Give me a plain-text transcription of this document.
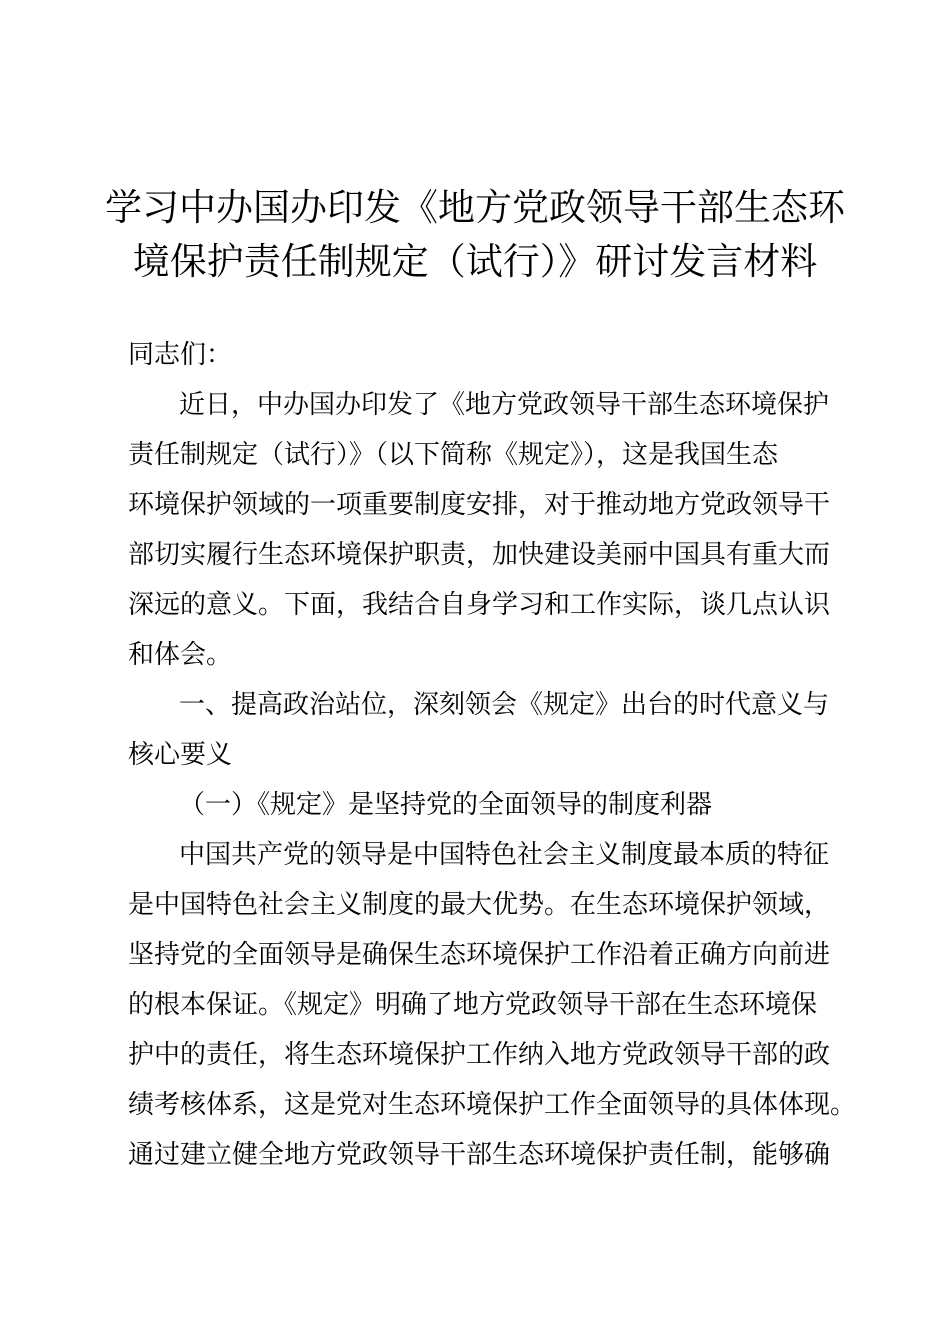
学习中办国办印发《地方党政领导干部生态环
境保护责任制规定（试行）》研讨发言材料
同志们：
近日，中办国办印发了《地方党政领导干部生态环境保护
责任制规定（试行）》（以下简称《规定》），这是我国生态
环境保护领域的一项重要制度安排，对于推动地方党政领导干
部切实履行生态环境保护职责，加快建设美丽中国具有重大而
深远的意义。下面，我结合自身学习和工作实际，谈几点认识
和体会。
一、提高政治站位，深刻领会《规定》出台的时代意义与
核心要义
（一）《规定》是坚持党的全面领导的制度利器
中国共产党的领导是中国特色社会主义制度最本质的特征
是中国特色社会主义制度的最大优势。在生态环境保护领域，
坚持党的全面领导是确保生态环境保护工作沿着正确方向前进
的根本保证。《规定》明确了地方党政领导干部在生态环境保
护中的责任，将生态环境保护工作纳入地方党政领导干部的政
绩考核体系，这是党对生态环境保护工作全面领导的具体体现。
通过建立健全地方党政领导干部生态环境保护责任制，能够确
